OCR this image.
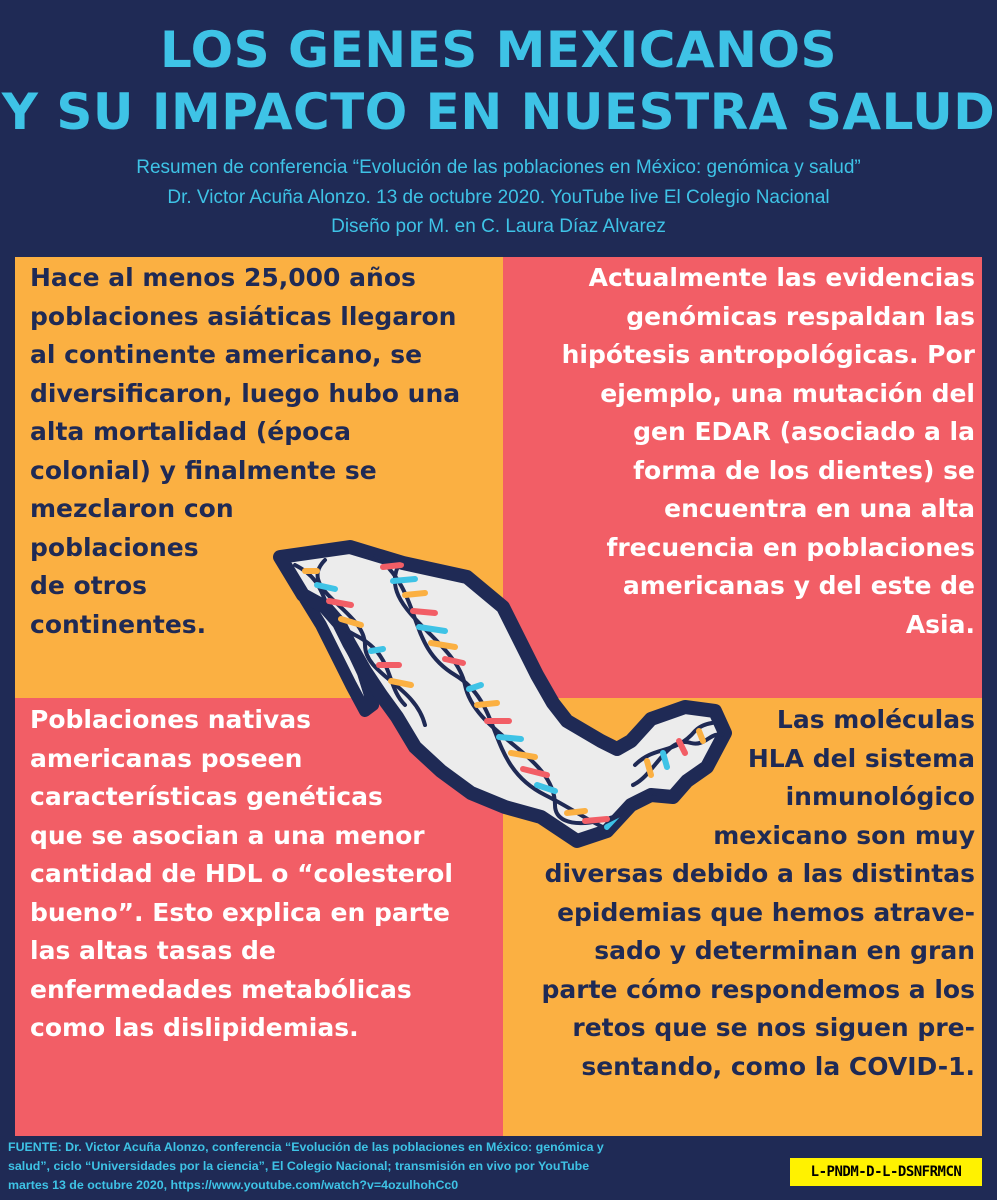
LOS GENES MEXICANOS
Y SU IMPACTO EN NUESTRA SALUD
Resumen de conferencia “Evolución de las poblaciones en México: genómica y salud”
Dr. Victor Acuña Alonzo. 13 de octubre 2020. YouTube live El Colegio Nacional
Diseño por M. en C. Laura Díaz Alvarez
Hace al menos 25,000 años
poblaciones asiáticas llegaron
al continente americano, se
diversificaron, luego hubo una
alta mortalidad (época
colonial) y finalmente se
mezclaron con
poblaciones
de otros
continentes.
Actualmente las evidencias
genómicas respaldan las
hipótesis antropológicas. Por
ejemplo, una mutación del
gen EDAR (asociado a la
forma de los dientes) se
encuentra en una alta
frecuencia en poblaciones
americanas y del este de
Asia.
Poblaciones nativas
americanas poseen
características genéticas
que se asocian a una menor
cantidad de HDL o “colesterol
bueno”. Esto explica en parte
las altas tasas de
enfermedades metabólicas
como las dislipidemias.
Las moléculas
HLA del sistema
inmunológico
mexicano son muy
diversas debido a las distintas
epidemias que hemos atrave-
sado y determinan en gran
parte cómo respondemos a los
retos que se nos siguen pre-
sentando, como la COVID-1.
FUENTE: Dr. Victor Acuña Alonzo, conferencia “Evolución de las poblaciones en México: genómica y
salud”, ciclo “Universidades por la ciencia”, El Colegio Nacional; transmisión en vivo por YouTube
martes 13 de octubre 2020, https://www.youtube.com/watch?v=4ozulhohCc0
L-PNDM-D-L-DSNFRMCN
